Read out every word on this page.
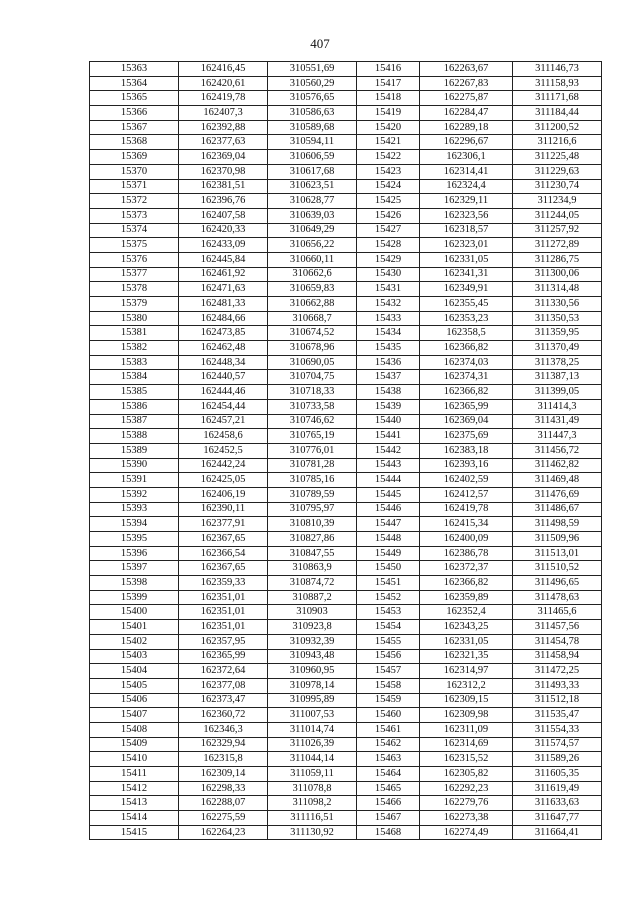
407
15363	162416,45	310551,69	15416	162263,67	311146,73
15364	162420,61	310560,29	15417	162267,83	311158,93
15365	162419,78	310576,65	15418	162275,87	311171,68
15366	162407,3	310586,63	15419	162284,47	311184,44
15367	162392,88	310589,68	15420	162289,18	311200,52
15368	162377,63	310594,11	15421	162296,67	311216,6
15369	162369,04	310606,59	15422	162306,1	311225,48
15370	162370,98	310617,68	15423	162314,41	311229,63
15371	162381,51	310623,51	15424	162324,4	311230,74
15372	162396,76	310628,77	15425	162329,11	311234,9
15373	162407,58	310639,03	15426	162323,56	311244,05
15374	162420,33	310649,29	15427	162318,57	311257,92
15375	162433,09	310656,22	15428	162323,01	311272,89
15376	162445,84	310660,11	15429	162331,05	311286,75
15377	162461,92	310662,6	15430	162341,31	311300,06
15378	162471,63	310659,83	15431	162349,91	311314,48
15379	162481,33	310662,88	15432	162355,45	311330,56
15380	162484,66	310668,7	15433	162353,23	311350,53
15381	162473,85	310674,52	15434	162358,5	311359,95
15382	162462,48	310678,96	15435	162366,82	311370,49
15383	162448,34	310690,05	15436	162374,03	311378,25
15384	162440,57	310704,75	15437	162374,31	311387,13
15385	162444,46	310718,33	15438	162366,82	311399,05
15386	162454,44	310733,58	15439	162365,99	311414,3
15387	162457,21	310746,62	15440	162369,04	311431,49
15388	162458,6	310765,19	15441	162375,69	311447,3
15389	162452,5	310776,01	15442	162383,18	311456,72
15390	162442,24	310781,28	15443	162393,16	311462,82
15391	162425,05	310785,16	15444	162402,59	311469,48
15392	162406,19	310789,59	15445	162412,57	311476,69
15393	162390,11	310795,97	15446	162419,78	311486,67
15394	162377,91	310810,39	15447	162415,34	311498,59
15395	162367,65	310827,86	15448	162400,09	311509,96
15396	162366,54	310847,55	15449	162386,78	311513,01
15397	162367,65	310863,9	15450	162372,37	311510,52
15398	162359,33	310874,72	15451	162366,82	311496,65
15399	162351,01	310887,2	15452	162359,89	311478,63
15400	162351,01	310903	15453	162352,4	311465,6
15401	162351,01	310923,8	15454	162343,25	311457,56
15402	162357,95	310932,39	15455	162331,05	311454,78
15403	162365,99	310943,48	15456	162321,35	311458,94
15404	162372,64	310960,95	15457	162314,97	311472,25
15405	162377,08	310978,14	15458	162312,2	311493,33
15406	162373,47	310995,89	15459	162309,15	311512,18
15407	162360,72	311007,53	15460	162309,98	311535,47
15408	162346,3	311014,74	15461	162311,09	311554,33
15409	162329,94	311026,39	15462	162314,69	311574,57
15410	162315,8	311044,14	15463	162315,52	311589,26
15411	162309,14	311059,11	15464	162305,82	311605,35
15412	162298,33	311078,8	15465	162292,23	311619,49
15413	162288,07	311098,2	15466	162279,76	311633,63
15414	162275,59	311116,51	15467	162273,38	311647,77
15415	162264,23	311130,92	15468	162274,49	311664,41
